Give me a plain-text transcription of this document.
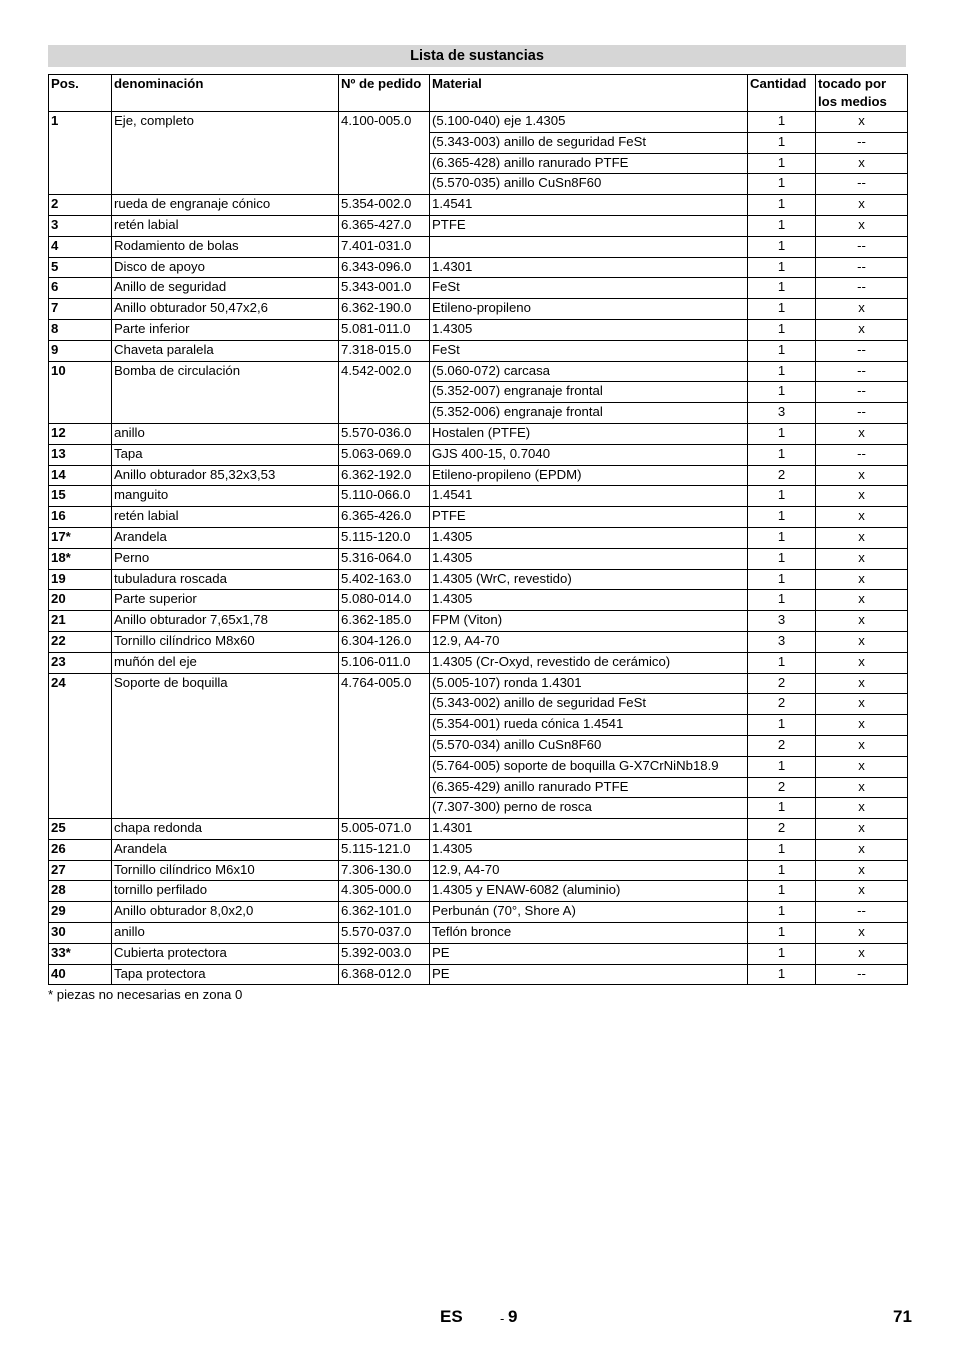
Lista de sustancias
Pos.	denominación	Nº de pedido	Material	Cantidad	tocado por los medios
1	Eje, completo	4.100-005.0	(5.100-040) eje 1.4305	1	x
			(5.343-003) anillo de seguridad FeSt	1	--
			(6.365-428) anillo ranurado PTFE	1	x
			(5.570-035) anillo CuSn8F60	1	--
2	rueda de engranaje cónico	5.354-002.0	1.4541	1	x
3	retén labial	6.365-427.0	PTFE	1	x
4	Rodamiento de bolas	7.401-031.0		1	--
5	Disco de apoyo	6.343-096.0	1.4301	1	--
6	Anillo de seguridad	5.343-001.0	FeSt	1	--
7	Anillo obturador 50,47x2,6	6.362-190.0	Etileno-propileno	1	x
8	Parte inferior	5.081-011.0	1.4305	1	x
9	Chaveta paralela	7.318-015.0	FeSt	1	--
10	Bomba de circulación	4.542-002.0	(5.060-072) carcasa	1	--
			(5.352-007) engranaje frontal	1	--
			(5.352-006) engranaje frontal	3	--
12	anillo	5.570-036.0	Hostalen (PTFE)	1	x
13	Tapa	5.063-069.0	GJS 400-15, 0.7040	1	--
14	Anillo obturador 85,32x3,53	6.362-192.0	Etileno-propileno (EPDM)	2	x
15	manguito	5.110-066.0	1.4541	1	x
16	retén labial	6.365-426.0	PTFE	1	x
17*	Arandela	5.115-120.0	1.4305	1	x
18*	Perno	5.316-064.0	1.4305	1	x
19	tubuladura roscada	5.402-163.0	1.4305 (WrC, revestido)	1	x
20	Parte superior	5.080-014.0	1.4305	1	x
21	Anillo obturador 7,65x1,78	6.362-185.0	FPM (Viton)	3	x
22	Tornillo cilíndrico M8x60	6.304-126.0	12.9, A4-70	3	x
23	muñón del eje	5.106-011.0	1.4305 (Cr-Oxyd, revestido de cerámico)	1	x
24	Soporte de boquilla	4.764-005.0	(5.005-107) ronda 1.4301	2	x
			(5.343-002) anillo de seguridad FeSt	2	x
			(5.354-001) rueda cónica 1.4541	1	x
			(5.570-034) anillo CuSn8F60	2	x
			(5.764-005) soporte de boquilla G-X7CrNiNb18.9	1	x
			(6.365-429) anillo ranurado PTFE	2	x
			(7.307-300) perno de rosca	1	x
25	chapa redonda	5.005-071.0	1.4301	2	x
26	Arandela	5.115-121.0	1.4305	1	x
27	Tornillo cilíndrico M6x10	7.306-130.0	12.9, A4-70	1	x
28	tornillo perfilado	4.305-000.0	1.4305 y ENAW-6082 (aluminio)	1	x
29	Anillo obturador 8,0x2,0	6.362-101.0	Perbunán (70°, Shore A)	1	--
30	anillo	5.570-037.0	Teflón bronce	1	x
33*	Cubierta protectora	5.392-003.0	PE	1	x
40	Tapa protectora	6.368-012.0	PE	1	--
* piezas no necesarias en zona 0
ES	- 9	71
